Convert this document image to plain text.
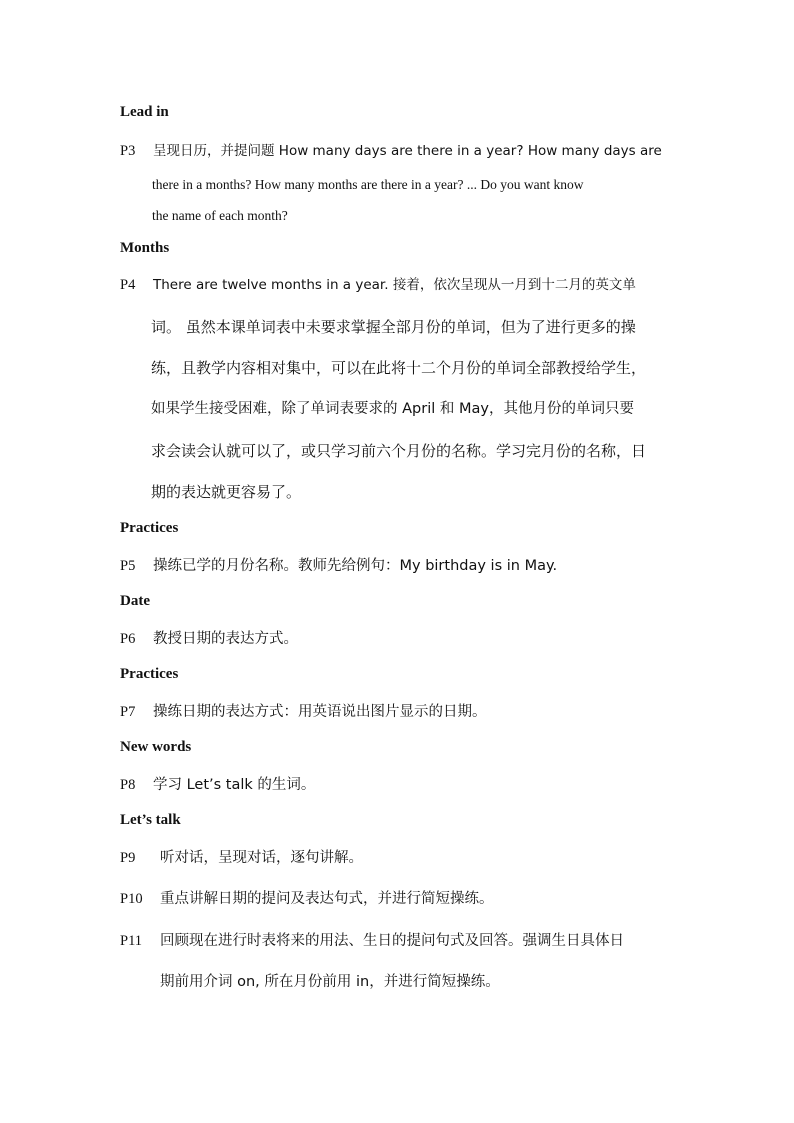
Lead in
P3 呈现日历，并提问题 How many days are there in a year? How many days are
there in a months? How many months are there in a year? ... Do you want know
the name of each month?
Months
P4 There are twelve months in a year. 接着，依次呈现从一月到十二月的英文单
词。 虽然本课单词表中未要求掌握全部月份的单词，但为了进行更多的操
练，且教学内容相对集中，可以在此将十二个月份的单词全部教授给学生，
如果学生接受困难，除了单词表要求的 April 和 May，其他月份的单词只要
求会读会认就可以了，或只学习前六个月份的名称。学习完月份的名称，日
期的表达就更容易了。
Practices
P5 操练已学的月份名称。教师先给例句：My birthday is in May.
Date
P6 教授日期的表达方式。
Practices
P7 操练日期的表达方式：用英语说出图片显示的日期。
New words
P8 学习 Let’s talk 的生词。
Let’s talk
P9 听对话，呈现对话，逐句讲解。
P10 重点讲解日期的提问及表达句式，并进行简短操练。
P11 回顾现在进行时表将来的用法、生日的提问句式及回答。强调生日具体日
期前用介词 on, 所在月份前用 in，并进行简短操练。
